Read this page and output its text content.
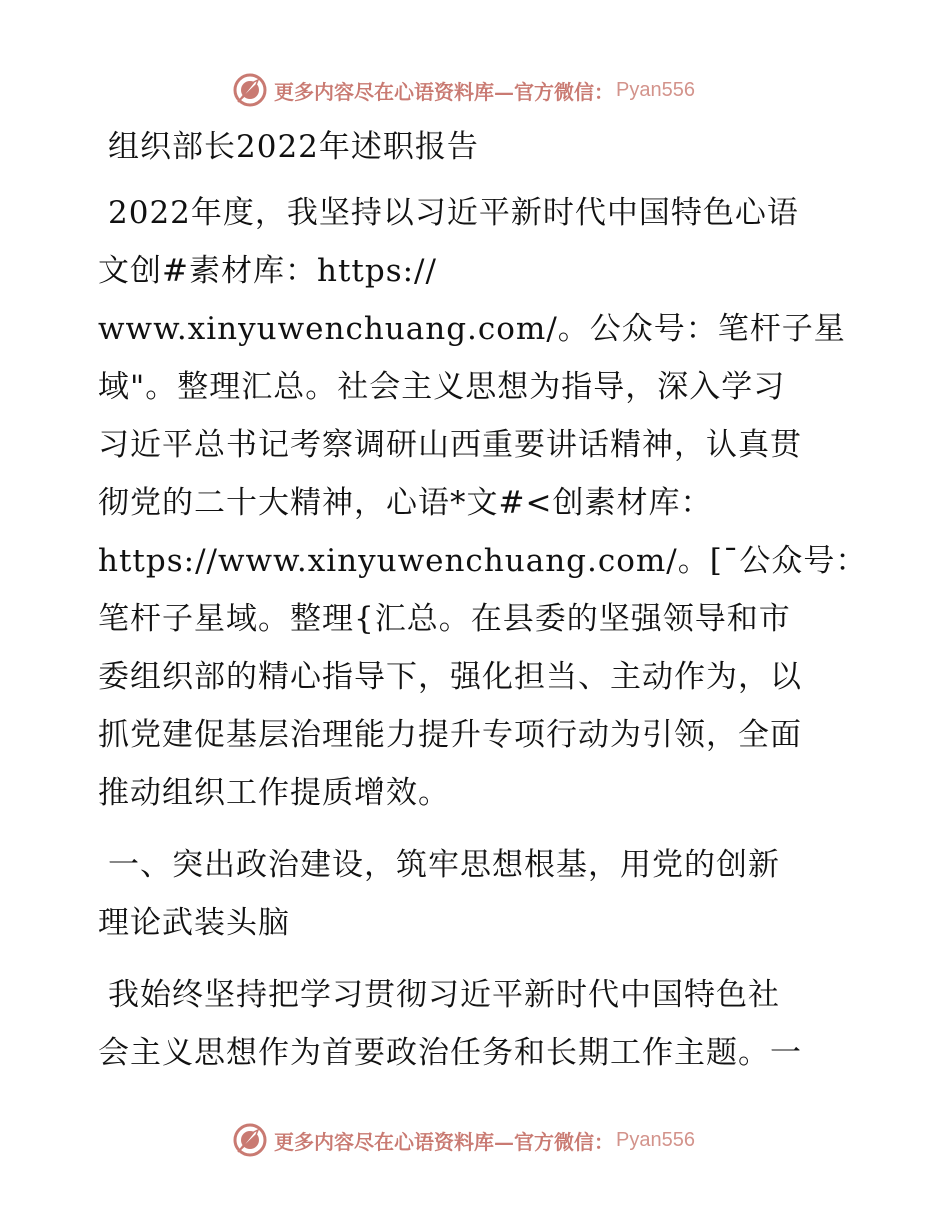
更多内容尽在心语资料库—官方微信： Pyan556
组织部长2022年述职报告

2022年度，我坚持以习近平新时代中国特色心语
文创#素材库：https://
www.xinyuwenchuang.com/。公众号：笔杆子星
域"。整理汇总。社会主义思想为指导，深入学习
习近平总书记考察调研山西重要讲话精神，认真贯
彻党的二十大精神，心语*文#<创素材库：
https://www.xinyuwenchuang.com/。[¯公众号：
笔杆子星域。整理{汇总。在县委的坚强领导和市
委组织部的精心指导下，强化担当、主动作为，以
抓党建促基层治理能力提升专项行动为引领，全面
推动组织工作提质增效。

一、突出政治建设，筑牢思想根基，用党的创新
理论武装头脑

我始终坚持把学习贯彻习近平新时代中国特色社
会主义思想作为首要政治任务和长期工作主题。一

更多内容尽在心语资料库—官方微信： Pyan556
